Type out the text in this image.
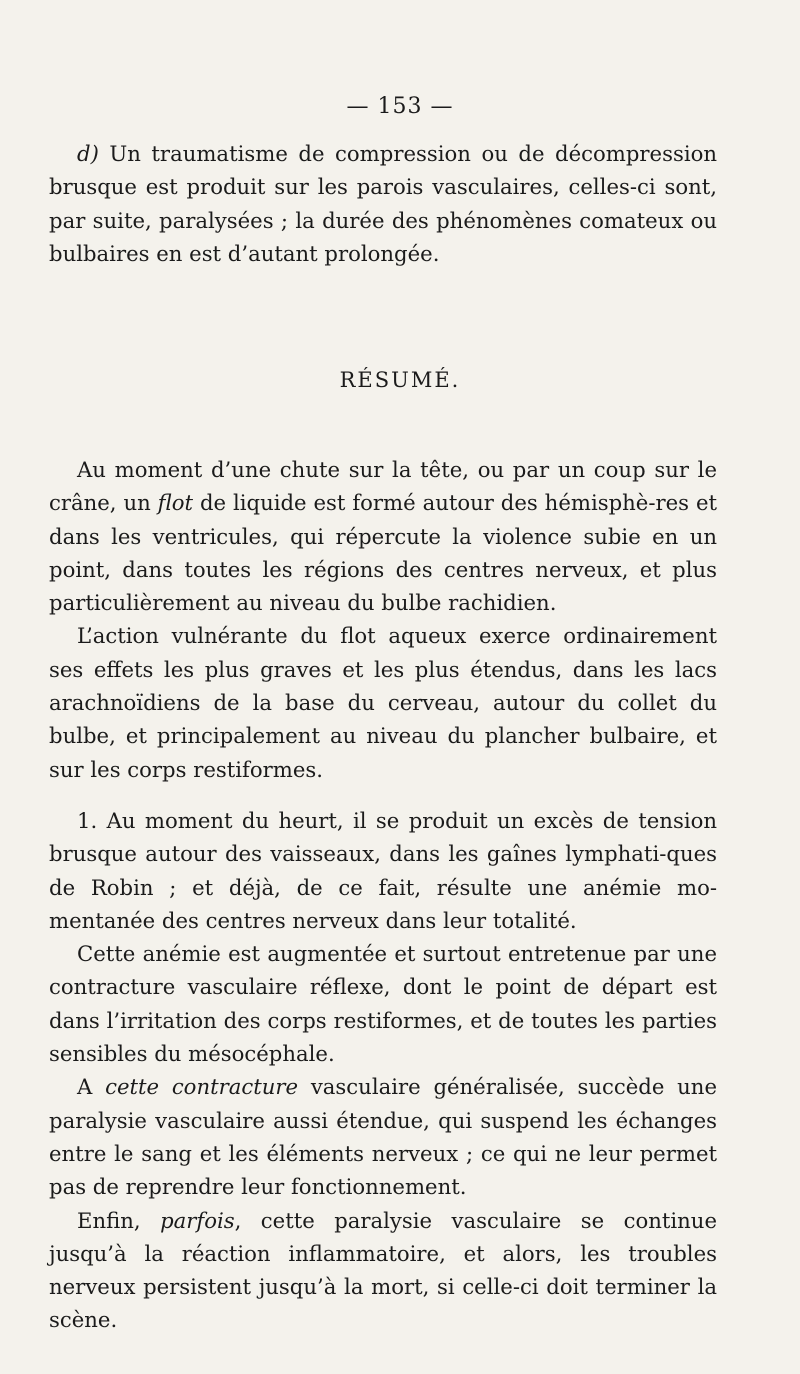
— 153 —

d) Un traumatisme de compression ou de décompression brusque est produit sur les parois vasculaires, celles-ci sont, par suite, paralysées ; la durée des phénomènes comateux ou bulbaires en est d’autant prolongée.

RÉSUMÉ.

Au moment d’une chute sur la tête, ou par un coup sur le crâne, un flot de liquide est formé autour des hémisphè-res et dans les ventricules, qui répercute la violence subie en un point, dans toutes les régions des centres nerveux, et plus particulièrement au niveau du bulbe rachidien.

L’action vulnérante du flot aqueux exerce ordinairement ses effets les plus graves et les plus étendus, dans les lacs arachnoïdiens de la base du cerveau, autour du collet du bulbe, et principalement au niveau du plancher bulbaire, et sur les corps restiformes.

1. Au moment du heurt, il se produit un excès de tension brusque autour des vaisseaux, dans les gaînes lymphati-ques de Robin ; et déjà, de ce fait, résulte une anémie mo-mentanée des centres nerveux dans leur totalité.

Cette anémie est augmentée et surtout entretenue par une contracture vasculaire réflexe, dont le point de départ est dans l’irritation des corps restiformes, et de toutes les parties sensibles du mésocéphale.

A cette contracture vasculaire généralisée, succède une paralysie vasculaire aussi étendue, qui suspend les échanges entre le sang et les éléments nerveux ; ce qui ne leur permet pas de reprendre leur fonctionnement.

Enfin, parfois, cette paralysie vasculaire se continue jusqu’à la réaction inflammatoire, et alors, les troubles nerveux persistent jusqu’à la mort, si celle-ci doit terminer la scène.
